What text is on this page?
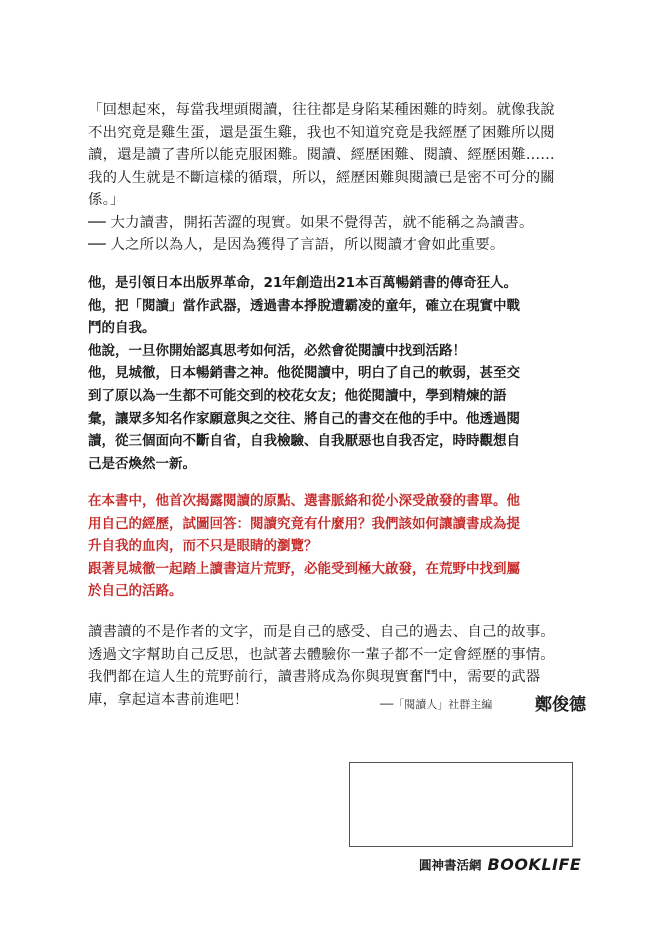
「回想起來，每當我埋頭閱讀，往往都是身陷某種困難的時刻。就像我說

不出究竟是雞生蛋，還是蛋生雞，我也不知道究竟是我經歷了困難所以閱

讀，還是讀了書所以能克服困難。閱讀、經歷困難、閱讀、經歷困難……

我的人生就是不斷這樣的循環，所以，經歷困難與閱讀已是密不可分的關

係。」

── 大力讀書，開拓苦澀的現實。如果不覺得苦，就不能稱之為讀書。

── 人之所以為人，是因為獲得了言語，所以閱讀才會如此重要。

他，是引領日本出版界革命，21年創造出21本百萬暢銷書的傳奇狂人。

他，把「閱讀」當作武器，透過書本掙脫遭霸凌的童年，確立在現實中戰

鬥的自我。

他說，一旦你開始認真思考如何活，必然會從閱讀中找到活路！

他，見城徹，日本暢銷書之神。他從閱讀中，明白了自己的軟弱，甚至交

到了原以為一生都不可能交到的校花女友；他從閱讀中，學到精煉的語

彙，讓眾多知名作家願意與之交往、將自己的書交在他的手中。他透過閱

讀，從三個面向不斷自省，自我檢驗、自我厭惡也自我否定，時時觀想自

己是否煥然一新。

在本書中，他首次揭露閱讀的原點、選書脈絡和從小深受啟發的書單。他

用自己的經歷，試圖回答：閱讀究竟有什麼用？我們該如何讓讀書成為提

升自我的血肉，而不只是眼睛的瀏覽？

跟著見城徹一起踏上讀書這片荒野，必能受到極大啟發，在荒野中找到屬

於自己的活路。

讀書讀的不是作者的文字，而是自己的感受、自己的過去、自己的故事。

透過文字幫助自己反思，也試著去體驗你一輩子都不一定會經歷的事情。

我們都在這人生的荒野前行，讀書將成為你與現實奮鬥中，需要的武器

庫，拿起這本書前進吧！	──「閱讀人」社群主編	鄭俊德
圓神書活網 BOOKLIFE
